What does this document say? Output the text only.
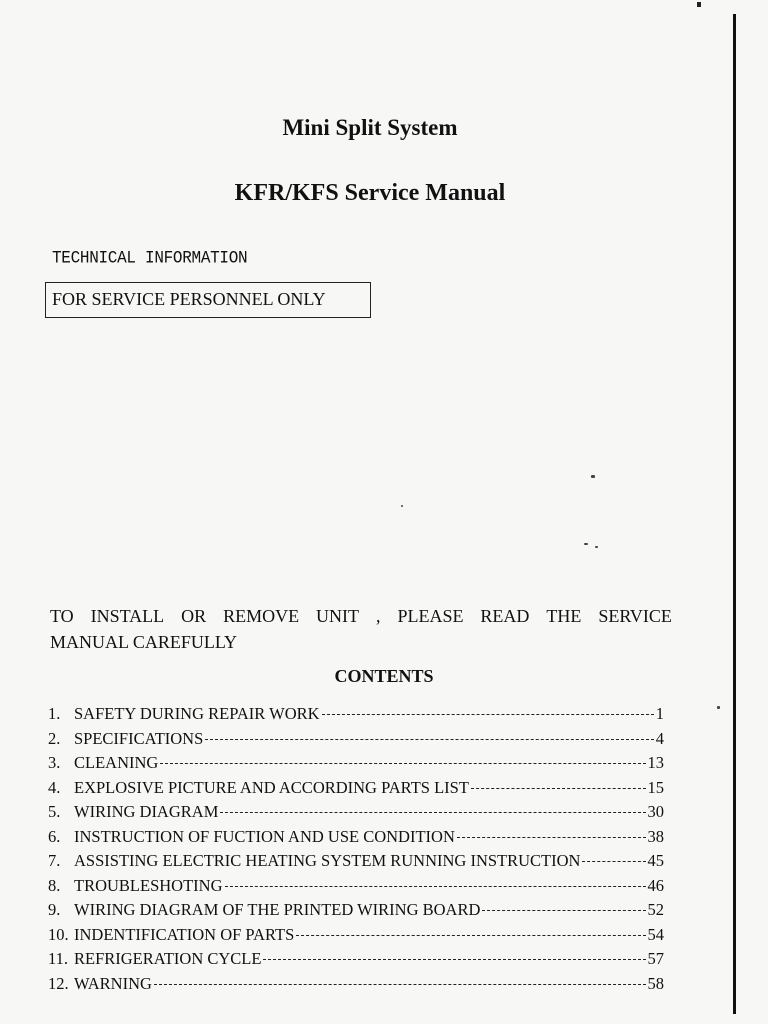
Mini Split System
KFR/KFS Service Manual
TECHNICAL INFORMATION
FOR SERVICE PERSONNEL ONLY
TO INSTALL OR REMOVE UNIT , PLEASE READ THE SERVICE
MANUAL CAREFULLY
CONTENTS
1. SAFETY DURING REPAIR WORK	1
2. SPECIFICATIONS	4
3. CLEANING	13
4. EXPLOSIVE PICTURE AND ACCORDING PARTS LIST	15
5. WIRING DIAGRAM	30
6. INSTRUCTION OF FUCTION AND USE CONDITION	38
7. ASSISTING ELECTRIC HEATING SYSTEM RUNNING INSTRUCTION	45
8. TROUBLESHOTING	46
9. WIRING DIAGRAM OF THE PRINTED WIRING BOARD	52
10. INDENTIFICATION OF PARTS	54
11. REFRIGERATION CYCLE	57
12. WARNING	58
